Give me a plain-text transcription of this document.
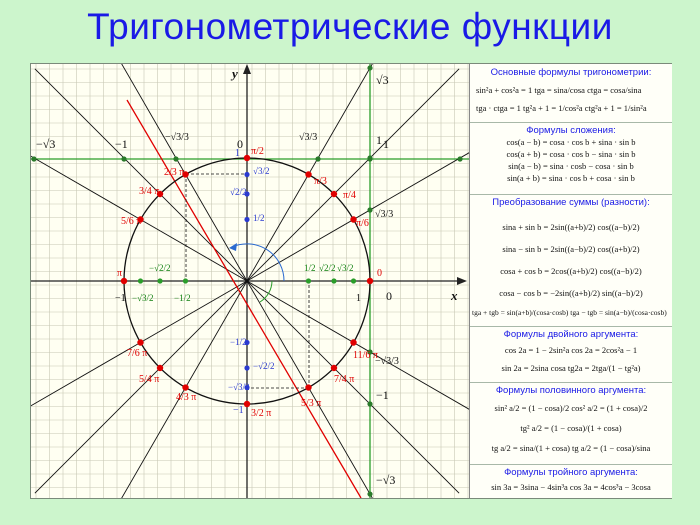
Тригонометрические функции
x
y
0
√3
1
√3/3
−√3/3
−1
−√3
−√3	−1	−√3/3	0	√3/3	1
0
π/6
π/4
π/3
π/2
2/3 π
3/4 π
5/6 π
π
7/6 π
5/4 π
4/3 π
3/2 π
5/3 π
7/4 π
11/6 π
1
√3/2
√2/2
1/2
−1/2
−√2/2
−√3/2
−1
1
−1
1/2 √2/2 √3/2
−1/2
−√2/2
−√3/2
Основные формулы тригонометрии:
sin²a + cos²a = 1 tga = sina/cosa ctga = cosa/sina
tga · ctga = 1 tg²a + 1 = 1/cos²a ctg²a + 1 = 1/sin²a
Формулы сложения:
cos(a − b) = cosa · cos b + sina · sin b
cos(a + b) = cosa · cos b − sina · sin b
sin(a − b) = sina · cosb − cosa · sin b
sin(a + b) = sina · cos b + cosa · sin b
Преобразование суммы (разности):
sina + sin b = 2sin((a+b)/2) cos((a−b)/2)
sina − sin b = 2sin((a−b)/2) cos((a+b)/2)
cosa + cos b = 2cos((a+b)/2) cos((a−b)/2)
cosa − cos b = −2sin((a+b)/2) sin((a−b)/2)
tga + tgb = sin(a+b)/(cosa·cosb) tga − tgb = sin(a−b)/(cosa·cosb)
Формулы двойного аргумента:
cos 2a = 1 − 2sin²a cos 2a = 2cos²a − 1
sin 2a = 2sina cosa tg2a = 2tga/(1 − tg²a)
Формулы половинного аргумента:
sin² a/2 = (1 − cosa)/2 cos² a/2 = (1 + cosa)/2
tg² a/2 = (1 − cosa)/(1 + cosa)
tg a/2 = sina/(1 + cosa) tg a/2 = (1 − cosa)/sina
Формулы тройного аргумента:
sin 3a = 3sina − 4sin³a cos 3a = 4cos³a − 3cosa
